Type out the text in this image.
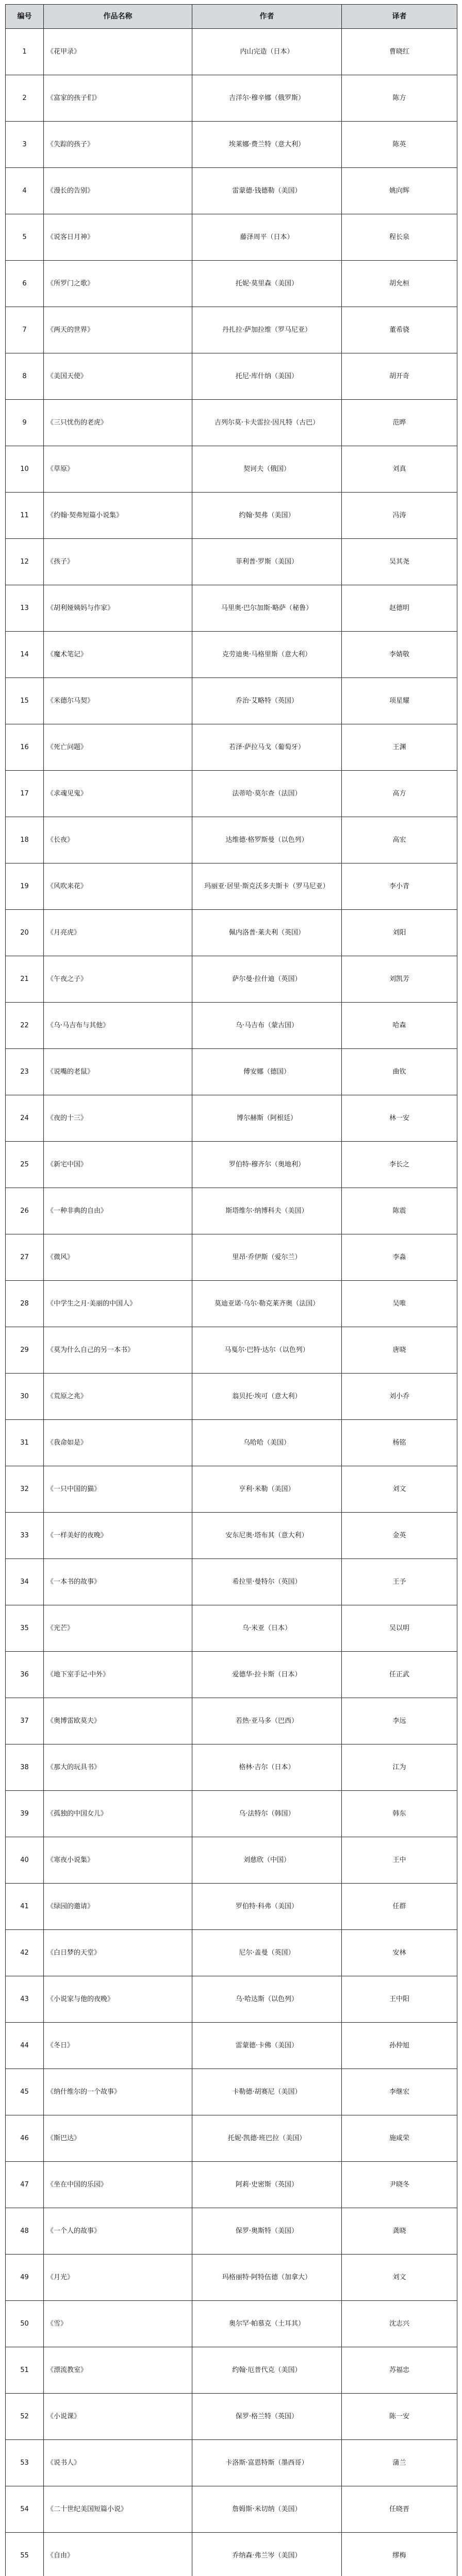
编号	作品名称	作者	译者
1	《花甲录》	内山完造（日本）	曹晓红
2	《富家的孩子们》	吉洋尔·穆辛娜（俄罗斯）	陈方
3	《失踪的孩子》	埃莱娜·费兰特（意大利）	陈英
4	《漫长的告别》	雷蒙德·钱德勒（美国）	姚向辉
5	《说客日月神》	藤泽周平（日本）	程长泉
6	《所罗门之歌》	托妮·莫里森（美国）	胡允桓
7	《两天的世界》	丹扎拉·萨加拉维（罗马尼亚）	董希骁
8	《美国天使》	托尼·库什纳（美国）	胡开奇
9	《三只忧伤的老虎》	吉列尔莫·卡夫雷拉·因凡特（古巴）	范晔
10	《草原》	契诃夫（俄国）	刘真
11	《约翰·契弗短篇小说集》	约翰·契弗（美国）	冯涛
12	《孩子》	菲利普·罗斯（美国）	吴其尧
13	《胡利娅姨妈与作家》	马里奥·巴尔加斯·略萨（秘鲁）	赵德明
14	《魔术笔记》	克劳迪奥·马格里斯（意大利）	李婧敬
15	《米德尔马契》	乔治·艾略特（英国）	项星耀
16	《死亡问题》	若泽·萨拉马戈（葡萄牙）	王渊
17	《求魂见鬼》	法蒂哈·莫尔查（法国）	高方
18	《长夜》	达维德·格罗斯曼（以色列）	高宏
19	《风吹来花》	玛丽亚·居里·斯克沃多夫斯卡（罗马尼亚）	李小青
20	《月亮虎》	佩内洛普·莱夫利（英国）	刘阳
21	《午夜之子》	萨尔曼·拉什迪（英国）	刘凯芳
22	《乌·马吉布与其他》	乌·马吉布（蒙古国）	哈森
23	《说嘴的老鼠》	傅安娜（德国）	曲钦
24	《夜的十三》	博尔赫斯（阿根廷）	林一安
25	《新宅中国》	罗伯特·穆齐尔（奥地利）	李长之
26	《一种非典的自由》	斯塔维尔·纳博科夫（美国）	陈震
27	《微风》	里昂·乔伊斯（爱尔兰）	李淼
28	《中学生之月·美丽的中国人》	莫迪亚诺·乌尔·勒克莱齐奥（法国）	吴唯
29	《莫为什么自己的另一本书》	马戛尔·巴特·达尔（以色列）	唐晓
30	《荒原之兆》	翁贝托·埃可（意大利）	刘小乔
31	《我命如是》	乌哈哈（美国）	杨铭
32	《一只中国的猫》	亨利·米勒（美国）	刘文
33	《一样美好的夜晚》	安东尼奥·塔布其（意大利）	金英
34	《一本书的故事》	希拉里·曼特尔（英国）	王予
35	《光芒》	乌·米亚（日本）	吴以明
36	《地下室手记·中外》	爱德华·拉卡斯（日本）	任正武
37	《奥博雷欧莫夫》	若热·亚马多（巴西）	李远
38	《那大的玩具书》	格林·吉尔（日本）	江为
39	《孤独的中国女儿》	乌·法特尔（韩国）	韩东
40	《寒夜小说集》	刘慈欣（中国）	王中
41	《绿园的邀请》	罗伯特·科弗（美国）	任群
42	《白日梦的天堂》	尼尔·盖曼（英国）	安林
43	《小说家与他的夜晚》	乌·哈达斯（以色列）	王中阳
44	《冬日》	雷蒙德·卡佛（美国）	孙仲旭
45	《纳什维尔的一个故事》	卡勒德·胡赛尼（美国）	李继宏
46	《斯巴达》	托妮·凯德·班巴拉（美国）	施咸荣
47	《坐在中国的乐园》	阿莉·史密斯（英国）	尹晓冬
48	《一个人的故事》	保罗·奥斯特（美国）	龚晓
49	《月光》	玛格丽特·阿特伍德（加拿大）	刘文
50	《雪》	奥尔罕·帕慕克（土耳其）	沈志兴
51	《漂流教室》	约翰·厄普代克（美国）	苏福忠
52	《小说课》	保罗·格兰特（英国）	陈一安
53	《说书人》	卡洛斯·富恩特斯（墨西哥）	蒲兰
54	《二十世纪美国短篇小说》	詹姆斯·米切纳（美国）	任晓晋
55	《自由》	乔纳森·弗兰岑（美国）	缪梅
